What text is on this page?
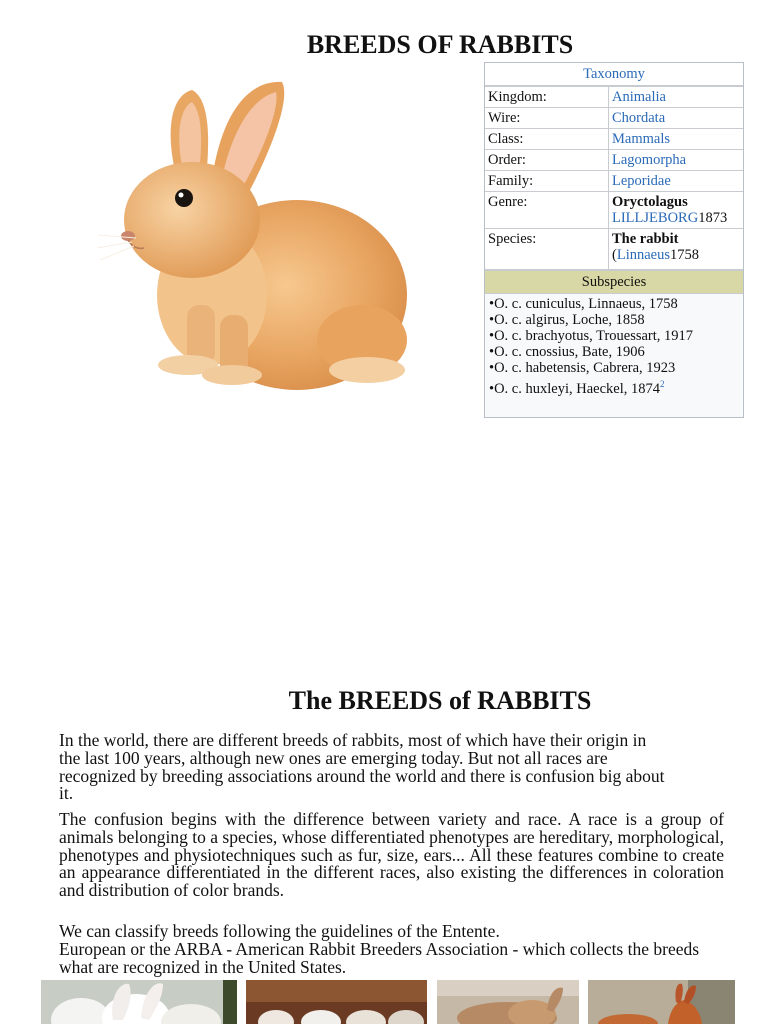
BREEDS OF RABBITS
Taxonomy
Kingdom:	Animalia
Wire:	Chordata
Class:	Mammals
Order:	Lagomorpha
Family:	Leporidae
Genre:	Oryctolagus
LILLJEBORG1873
Species:	The rabbit
(Linnaeus1758
Subspecies
•O. c. cuniculus, Linnaeus, 1758
•O. c. algirus, Loche, 1858
•O. c. brachyotus, Trouessart, 1917
•O. c. cnossius, Bate, 1906
•O. c. habetensis, Cabrera, 1923
•O. c. huxleyi, Haeckel, 1874$^2$
The BREEDS of RABBITS

In the world, there are different breeds of rabbits, most of which have their origin in the last 100 years, although new ones are emerging today. But not all races are recognized by breeding associations around the world and there is confusion big about it.

The confusion begins with the difference between variety and race. A race is a group of animals belonging to a species, whose differentiated phenotypes are hereditary, morphological, phenotypes and physiotechniques such as fur, size, ears... All these features combine to create an appearance differentiated in the different races, also existing the differences in coloration and distribution of color brands.

We can classify breeds following the guidelines of the Entente.

European or the ARBA - American Rabbit Breeders Association - which collects the breeds what are recognized in the United States.
